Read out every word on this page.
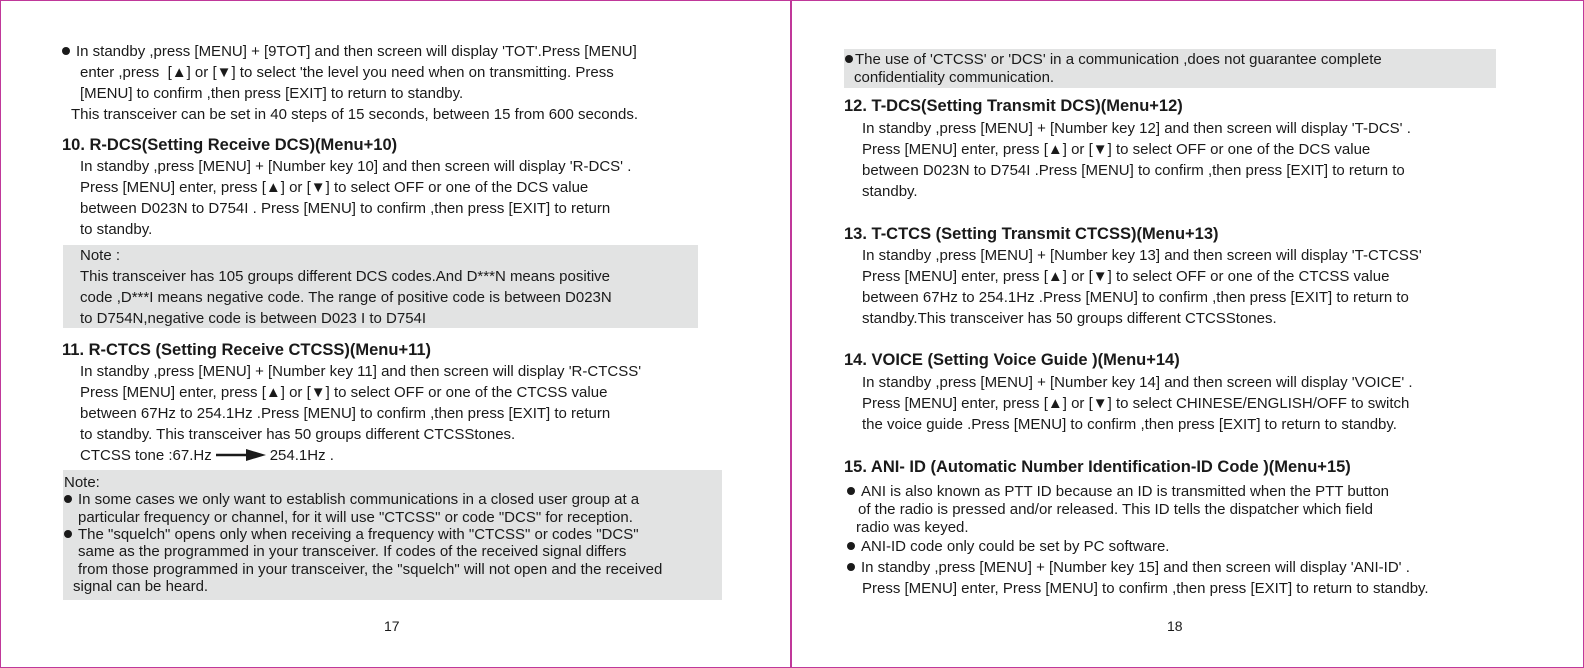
In standby ,press [MENU] + [9TOT] and then screen will display 'TOT'.Press [MENU]
enter ,press [▲] or [▼] to select 'the level you need when on transmitting. Press
[MENU] to confirm ,then press [EXIT] to return to standby.
This transceiver can be set in 40 steps of 15 seconds, between 15 from 600 seconds.
10. R-DCS(Setting Receive DCS)(Menu+10)
In standby ,press [MENU] + [Number key 10] and then screen will display 'R-DCS' .
Press [MENU] enter, press [▲] or [▼] to select OFF or one of the DCS value
between D023N to D754I . Press [MENU] to confirm ,then press [EXIT] to return
to standby.
Note :
This transceiver has 105 groups different DCS codes.And D***N means positive
code ,D***I means negative code. The range of positive code is between D023N
to D754N,negative code is between D023 I to D754I
11. R-CTCS (Setting Receive CTCSS)(Menu+11)
In standby ,press [MENU] + [Number key 11] and then screen will display 'R-CTCSS'
Press [MENU] enter, press [▲] or [▼] to select OFF or one of the CTCSS value
between 67Hz to 254.1Hz .Press [MENU] to confirm ,then press [EXIT] to return
to standby. This transceiver has 50 groups different CTCSStones.
CTCSS tone :67.Hz	254.1Hz .
Note:
In some cases we only want to establish communications in a closed user group at a
particular frequency or channel, for it will use "CTCSS" or code "DCS" for reception.
The "squelch" opens only when receiving a frequency with "CTCSS" or codes "DCS"
same as the programmed in your transceiver. If codes of the received signal differs
from those programmed in your transceiver, the "squelch" will not open and the received
signal can be heard.
17
The use of 'CTCSS' or 'DCS' in a communication ,does not guarantee complete
confidentiality communication.
12. T-DCS(Setting Transmit DCS)(Menu+12)
In standby ,press [MENU] + [Number key 12] and then screen will display 'T-DCS' .
Press [MENU] enter, press [▲] or [▼] to select OFF or one of the DCS value
between D023N to D754I .Press [MENU] to confirm ,then press [EXIT] to return to
standby.
13. T-CTCS (Setting Transmit CTCSS)(Menu+13)
In standby ,press [MENU] + [Number key 13] and then screen will display 'T-CTCSS'
Press [MENU] enter, press [▲] or [▼] to select OFF or one of the CTCSS value
between 67Hz to 254.1Hz .Press [MENU] to confirm ,then press [EXIT] to return to
standby.This transceiver has 50 groups different CTCSStones.
14. VOICE (Setting Voice Guide )(Menu+14)
In standby ,press [MENU] + [Number key 14] and then screen will display 'VOICE' .
Press [MENU] enter, press [▲] or [▼] to select CHINESE/ENGLISH/OFF to switch
the voice guide .Press [MENU] to confirm ,then press [EXIT] to return to standby.
15. ANI- ID (Automatic Number Identification-ID Code )(Menu+15)
ANI is also known as PTT ID because an ID is transmitted when the PTT button
of the radio is pressed and/or released. This ID tells the dispatcher which field
radio was keyed.
ANI-ID code only could be set by PC software.
In standby ,press [MENU] + [Number key 15] and then screen will display 'ANI-ID' .
Press [MENU] enter, Press [MENU] to confirm ,then press [EXIT] to return to standby.
18
